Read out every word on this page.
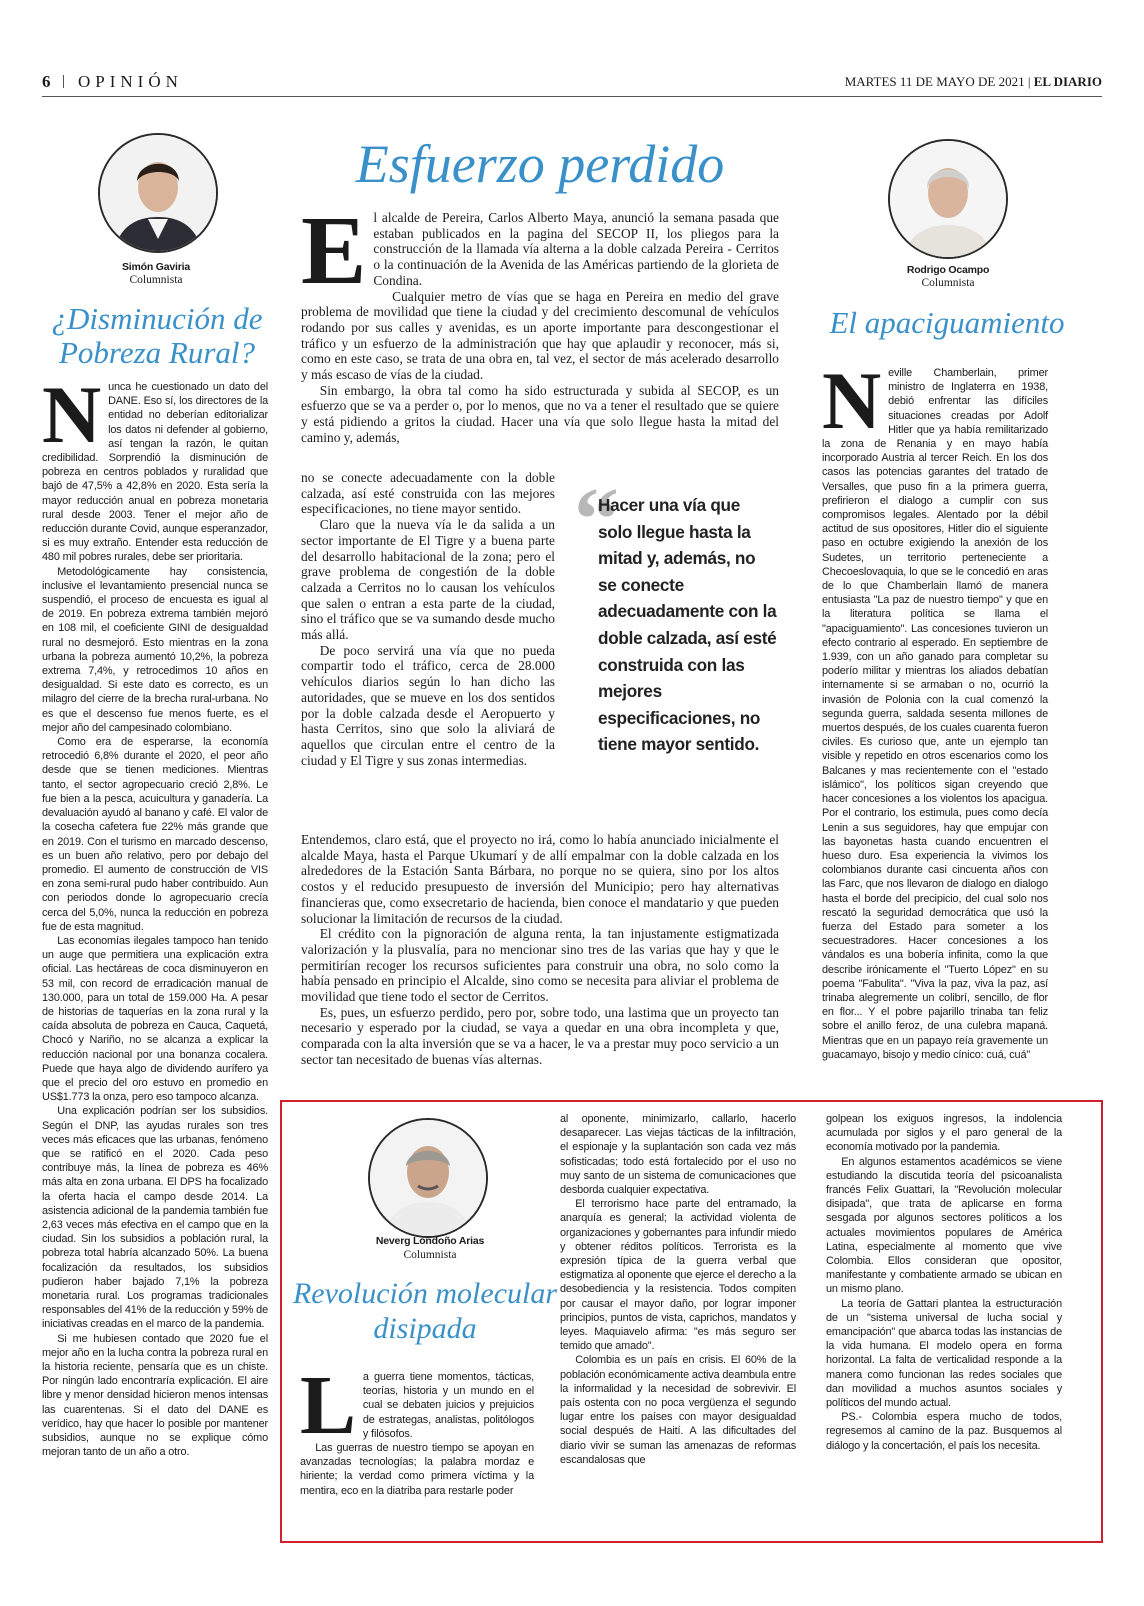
6 | OPINIÓN	MARTES 11 DE MAYO DE 2021 | EL DIARIO
Simón Gaviria
Columnista
¿Disminución de Pobreza Rural?
N unca he cuestionado un dato del DANE. Eso sí, los directores de la entidad no deberían editorializar los datos ni defender al gobierno, así tengan la razón, le quitan credibilidad. Sorprendió la disminución de pobreza en centros poblados y ruralidad que bajó de 47,5% a 42,8% en 2020. Esta sería la mayor reducción anual en pobreza monetaria rural desde 2003. Tener el mejor año de reducción durante Covid, aunque esperanzador, si es muy extraño. Entender esta reducción de 480 mil pobres rurales, debe ser prioritaria.

Metodológicamente hay consistencia, inclusive el levantamiento presencial nunca se suspendió, el proceso de encuesta es igual al de 2019. En pobreza extrema también mejoró en 108 mil, el coeficiente GINI de desigualdad rural no desmejoró. Esto mientras en la zona urbana la pobreza aumentó 10,2%, la pobreza extrema 7,4%, y retrocedimos 10 años en desigualdad. Si este dato es correcto, es un milagro del cierre de la brecha rural-urbana. No es que el descenso fue menos fuerte, es el mejor año del campesinado colombiano.

Como era de esperarse, la economía retrocedió 6,8% durante el 2020, el peor año desde que se tienen mediciones. Mientras tanto, el sector agropecuario creció 2,8%. Le fue bien a la pesca, acuicultura y ganadería. La devaluación ayudó al banano y café. El valor de la cosecha cafetera fue 22% más grande que en 2019. Con el turismo en marcado descenso, es un buen año relativo, pero por debajo del promedio. El aumento de construcción de VIS en zona semi-rural pudo haber contribuido. Aun con periodos donde lo agropecuario crecía cerca del 5,0%, nunca la reducción en pobreza fue de esta magnitud.

Las economías ilegales tampoco han tenido un auge que permitiera una explicación extra oficial. Las hectáreas de coca disminuyeron en 53 mil, con record de erradicación manual de 130.000, para un total de 159.000 Ha. A pesar de historias de taquerías en la zona rural y la caída absoluta de pobreza en Cauca, Caquetá, Chocó y Nariño, no se alcanza a explicar la reducción nacional por una bonanza cocalera. Puede que haya algo de dividendo aurífero ya que el precio del oro estuvo en promedio en US$1.773 la onza, pero eso tampoco alcanza.

Una explicación podrían ser los subsidios. Según el DNP, las ayudas rurales son tres veces más eficaces que las urbanas, fenómeno que se ratificó en el 2020. Cada peso contribuye más, la línea de pobreza es 46% más alta en zona urbana. El DPS ha focalizado la oferta hacia el campo desde 2014. La asistencia adicional de la pandemia también fue 2,63 veces más efectiva en el campo que en la ciudad. Sin los subsidios a población rural, la pobreza total habría alcanzado 50%. La buena focalización da resultados, los subsidios pudieron haber bajado 7,1% la pobreza monetaria rural. Los programas tradicionales responsables del 41% de la reducción y 59% de iniciativas creadas en el marco de la pandemia.

Si me hubiesen contado que 2020 fue el mejor año en la lucha contra la pobreza rural en la historia reciente, pensaría que es un chiste. Por ningún lado encontraría explicación. El aire libre y menor densidad hicieron menos intensas las cuarentenas. Si el dato del DANE es verídico, hay que hacer lo posible por mantener subsidios, aunque no se explique cómo mejoran tanto de un año a otro.

Esfuerzo perdido
E l alcalde de Pereira, Carlos Alberto Maya, anunció la semana pasada que estaban publicados en la pagina del SECOP II, los pliegos para la construcción de la llamada vía alterna a la doble calzada Pereira - Cerritos o la continuación de la Avenida de las Américas partiendo de la glorieta de Condina.

Cualquier metro de vías que se haga en Pereira en medio del grave problema de movilidad que tiene la ciudad y del crecimiento descomunal de vehículos rodando por sus calles y avenidas, es un aporte importante para descongestionar el tráfico y un esfuerzo de la administración que hay que aplaudir y reconocer, más si, como en este caso, se trata de una obra en, tal vez, el sector de más acelerado desarrollo y más escaso de vías de la ciudad.

Sin embargo, la obra tal como ha sido estructurada y subida al SECOP, es un esfuerzo que se va a perder o, por lo menos, que no va a tener el resultado que se quiere y está pidiendo a gritos la ciudad. Hacer una vía que solo llegue hasta la mitad del camino y, además,

no se conecte adecuadamente con la doble calzada, así esté construida con las mejores especificaciones, no tiene mayor sentido.

Claro que la nueva vía le da salida a un sector importante de El Tigre y a buena parte del desarrollo habitacional de la zona; pero el grave problema de congestión de la doble calzada a Cerritos no lo causan los vehículos que salen o entran a esta parte de la ciudad, sino el tráfico que se va sumando desde mucho más allá.

De poco servirá una vía que no pueda compartir todo el tráfico, cerca de 28.000 vehículos diarios según lo han dicho las autoridades, que se mueve en los dos sentidos por la doble calzada desde el Aeropuerto y hasta Cerritos, sino que solo la aliviará de aquellos que circulan entre el centro de la ciudad y El Tigre y sus zonas intermedias.

“
Hacer una vía que solo llegue hasta la mitad y, además, no se conecte adecuadamente con la doble calzada, así esté construida con las mejores especificaciones, no tiene mayor sentido.

Entendemos, claro está, que el proyecto no irá, como lo había anunciado inicialmente el alcalde Maya, hasta el Parque Ukumarí y de allí empalmar con la doble calzada en los alrededores de la Estación Santa Bárbara, no porque no se quiera, sino por los altos costos y el reducido presupuesto de inversión del Municipio; pero hay alternativas financieras que, como exsecretario de hacienda, bien conoce el mandatario y que pueden solucionar la limitación de recursos de la ciudad.

El crédito con la pignoración de alguna renta, la tan injustamente estigmatizada valorización y la plusvalía, para no mencionar sino tres de las varias que hay y que le permitirían recoger los recursos suficientes para construir una obra, no solo como la había pensado en principio el Alcalde, sino como se necesita para aliviar el problema de movilidad que tiene todo el sector de Cerritos.

Es, pues, un esfuerzo perdido, pero por, sobre todo, una lastima que un proyecto tan necesario y esperado por la ciudad, se vaya a quedar en una obra incompleta y que, comparada con la alta inversión que se va a hacer, le va a prestar muy poco servicio a un sector tan necesitado de buenas vías alternas.

Rodrigo Ocampo
Columnista
El apaciguamiento
N eville Chamberlain, primer ministro de Inglaterra en 1938, debió enfrentar las difíciles situaciones creadas por Adolf Hitler que ya había remilitarizado la zona de Renania y en mayo había incorporado Austria al tercer Reich. En los dos casos las potencias garantes del tratado de Versalles, que puso fin a la primera guerra, prefirieron el dialogo a cumplir con sus compromisos legales. Alentado por la débil actitud de sus opositores, Hitler dio el siguiente paso en octubre exigiendo la anexión de los Sudetes, un territorio perteneciente a Checoeslovaquia, lo que se le concedió en aras de lo que Chamberlain llamó de manera entusiasta "La paz de nuestro tiempo" y que en la literatura política se llama el "apaciguamiento". Las concesiones tuvieron un efecto contrario al esperado. En septiembre de 1.939, con un año ganado para completar su poderío militar y mientras los aliados debatían internamente si se armaban o no, ocurrió la invasión de Polonia con la cual comenzó la segunda guerra, saldada sesenta millones de muertos después, de los cuales cuarenta fueron civiles. Es curioso que, ante un ejemplo tan visible y repetido en otros escenarios como los Balcanes y mas recientemente con el "estado islámico", los políticos sigan creyendo que hacer concesiones a los violentos los apacigua. Por el contrario, los estimula, pues como decía Lenin a sus seguidores, hay que empujar con las bayonetas hasta cuando encuentren el hueso duro. Esa experiencia la vivimos los colombianos durante casi cincuenta años con las Farc, que nos llevaron de dialogo en dialogo hasta el borde del precipicio, del cual solo nos rescató la seguridad democrática que usó la fuerza del Estado para someter a los secuestradores. Hacer concesiones a los vándalos es una bobería infinita, como la que describe irónicamente el "Tuerto López" en su poema "Fabulita". "Viva la paz, viva la paz, así trinaba alegremente un colibrí, sencillo, de flor en flor... Y el pobre pajarillo trinaba tan feliz sobre el anillo feroz, de una culebra mapaná. Mientras que en un papayo reía gravemente un guacamayo, bisojo y medio cínico: cuá, cuá"

Neverg Londoño Arias
Columnista
Revolución molecular disipada
L a guerra tiene momentos, tácticas, teorías, historia y un mundo en el cual se debaten juicios y prejuicios de estrategas, analistas, politólogos y filósofos.

Las guerras de nuestro tiempo se apoyan en avanzadas tecnologías; la palabra mordaz e hiriente; la verdad como primera víctima y la mentira, eco en la diatriba para restarle poder

al oponente, minimizarlo, callarlo, hacerlo desaparecer. Las viejas tácticas de la infiltración, el espionaje y la suplantación son cada vez más sofisticadas; todo está fortalecido por el uso no muy santo de un sistema de comunicaciones que desborda cualquier expectativa.

El terrorismo hace parte del entramado, la anarquía es general; la actividad violenta de organizaciones y gobernantes para infundir miedo y obtener réditos políticos. Terrorista es la expresión típica de la guerra verbal que estigmatiza al oponente que ejerce el derecho a la desobediencia y la resistencia. Todos compiten por causar el mayor daño, por lograr imponer principios, puntos de vista, caprichos, mandatos y leyes. Maquiavelo afirma: "es más seguro ser temido que amado".

Colombia es un país en crisis. El 60% de la población económicamente activa deambula entre la informalidad y la necesidad de sobrevivir. El país ostenta con no poca vergüenza el segundo lugar entre los países con mayor desigualdad social después de Haití. A las dificultades del diario vivir se suman las amenazas de reformas escandalosas que

golpean los exiguos ingresos, la indolencia acumulada por siglos y el paro general de la economía motivado por la pandemia.

En algunos estamentos académicos se viene estudiando la discutida teoría del psicoanalista francés Felix Guattari, la "Revolución molecular disipada", que trata de aplicarse en forma sesgada por algunos sectores políticos a los actuales movimientos populares de América Latina, especialmente al momento que vive Colombia. Ellos consideran que opositor, manifestante y combatiente armado se ubican en un mismo plano.

La teoría de Gattari plantea la estructuración de un "sistema universal de lucha social y emancipación" que abarca todas las instancias de la vida humana. El modelo opera en forma horizontal. La falta de verticalidad responde a la manera como funcionan las redes sociales que dan movilidad a muchos asuntos sociales y políticos del mundo actual.

PS.- Colombia espera mucho de todos, regresemos al camino de la paz. Busquemos al diálogo y la concertación, el país los necesita.
